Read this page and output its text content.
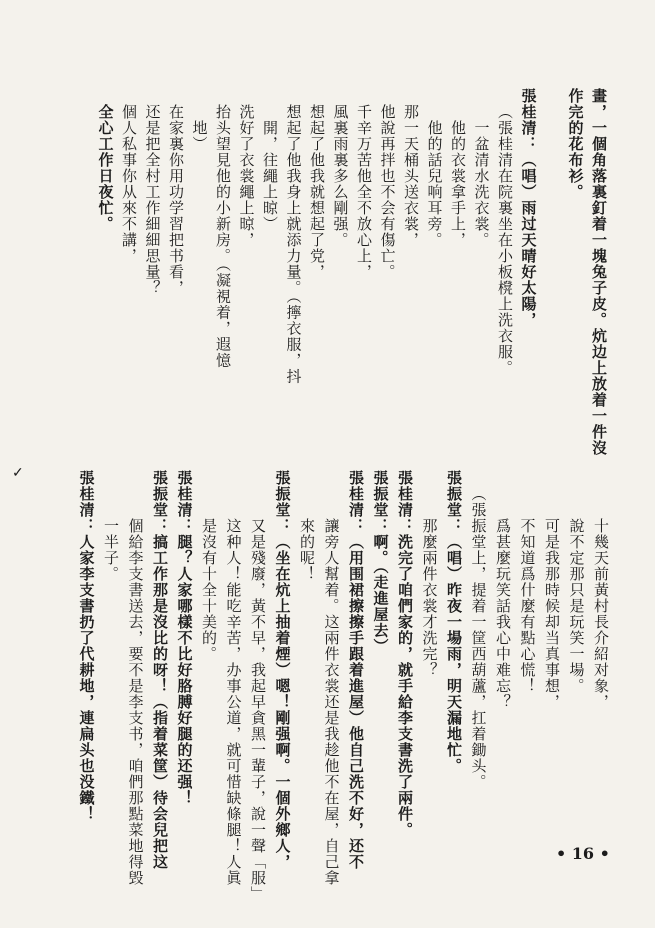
畫，一個角落裏釘着一塊兔子皮。炕边上放着一件沒
作完的花布衫。
張桂清：（唱）雨过天晴好太陽，
（張桂清在院裏坐在小板櫈上洗衣服。
一盆清水洗衣裳。
他的衣裳拿手上，
他的話兒响耳旁。
那一天桶头送衣裳，
他說再拌也不会有傷亡。
千辛万苦他全不放心上，
風裏雨裏多么剛强。
想起了他我就想起了党，
想起了他我身上就添力量。（擰衣服，抖
開，往繩上晾）
洗好了衣裳繩上晾，
抬头望見他的小新房。（凝視着，遐憶
地）
在家裏你用功学習把书看，
还是把全村工作細細思量？
個人私事你从來不講，
全心工作日夜忙。
十幾天前黃村長介紹对象，
說不定那只是玩笑一場。
可是我那時候却当真事想，
不知道爲什麼有點心慌！
爲甚麼玩笑話我心中难忘？
（張振堂上，提着一筐西葫蘆，扛着鋤头。
張振堂：（唱）昨夜一場雨，明天漏地忙。
那麼兩件衣裳才洗完？
張桂清：洗完了咱們家的，就手給李支書洗了兩件。
張振堂：啊。（走進屋去）
張桂清：（用围裙擦擦手跟着進屋）他自己洗不好，还不
讓旁人幫着。这兩件衣裳还是我趁他不在屋，自己拿
來的呢！
張振堂：（坐在炕上抽着煙）嗯！剛强啊。一個外鄉人，
又是殘廢，黃不早，我起早貪黑一輩子，說一聲「服」
这种人！能吃辛苦，办事公道，就可惜缺條腿！人眞
是沒有十全十美的。
張桂清：腿？人家哪樣不比好胳膊好腿的还强！
張振堂：搞工作那是沒比的呀！（指着菜筐）待会兒把这
個給李支書送去，要不是李支书，咱們那點菜地得毁
一半子。
張桂清：人家李支書扔了代耕地，連扁头也没鐵！
✓
• 16 •
